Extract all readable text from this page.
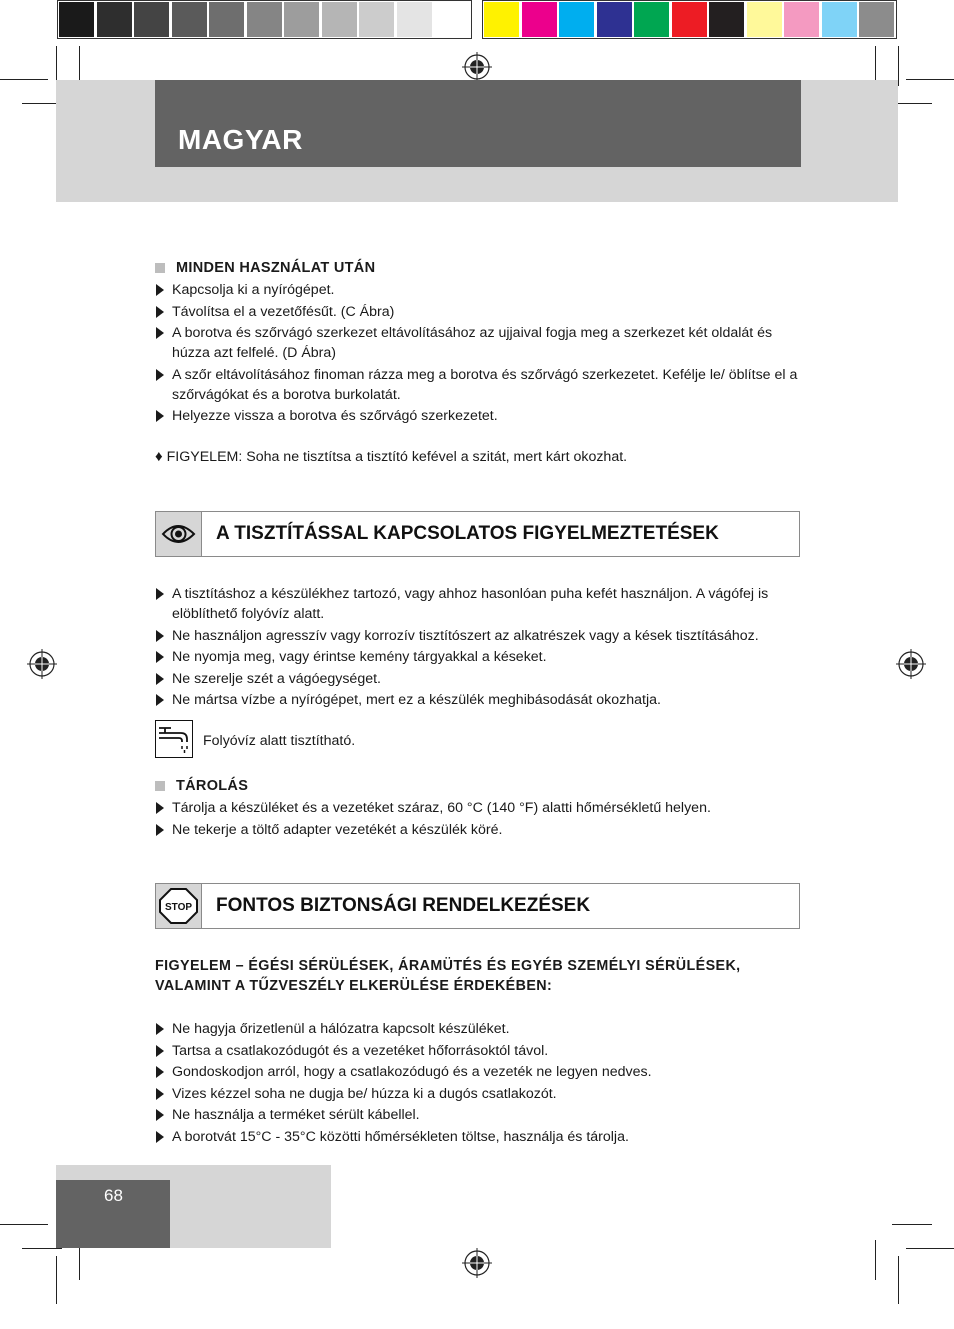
MAGYAR
MINDEN HASZNÁLAT UTÁN
Kapcsolja ki a nyírógépet.
Távolítsa el a vezetőfésűt. (C Ábra)
A borotva és szőrvágó szerkezet eltávolításához az ujjaival fogja meg a szerkezet két oldalát és húzza azt felfelé. (D Ábra)
A szőr eltávolításához finoman rázza meg a borotva és szőrvágó szerkezetet. Kefélje le/ öblítse el a szőrvágókat és a borotva burkolatát.
Helyezze vissza a borotva és szőrvágó szerkezetet.
♦ FIGYELEM: Soha ne tisztítsa a tisztító kefével a szitát, mert kárt okozhat.
A TISZTÍTÁSSAL KAPCSOLATOS FIGYELMEZTETÉSEK
A tisztításhoz a készülékhez tartozó, vagy ahhoz hasonlóan puha kefét használjon. A vágófej is elöblíthető folyóvíz alatt.
Ne használjon agresszív vagy korrozív tisztítószert az alkatrészek vagy a kések tisztításához.
Ne nyomja meg, vagy érintse kemény tárgyakkal a késeket.
Ne szerelje szét a vágóegységet.
Ne mártsa vízbe a nyírógépet, mert ez a készülék meghibásodását okozhatja.
Folyóvíz alatt tisztítható.
TÁROLÁS
Tárolja a készüléket és a vezetéket száraz, 60 °C (140 °F) alatti hőmérsékletű helyen.
Ne tekerje a töltő adapter vezetékét a készülék köré.
STOP FONTOS BIZTONSÁGI RENDELKEZÉSEK
FIGYELEM – ÉGÉSI SÉRÜLÉSEK, ÁRAMÜTÉS ÉS EGYÉB SZEMÉLYI SÉRÜLÉSEK, VALAMINT A TŰZVESZÉLY ELKERÜLÉSE ÉRDEKÉBEN:
Ne hagyja őrizetlenül a hálózatra kapcsolt készüléket.
Tartsa a csatlakozódugót és a vezetéket hőforrásoktól távol.
Gondoskodjon arról, hogy a csatlakozódugó és a vezeték ne legyen nedves.
Vizes kézzel soha ne dugja be/ húzza ki a dugós csatlakozót.
Ne használja a terméket sérült kábellel.
A borotvát 15°C - 35°C közötti hőmérsékleten töltse, használja és tárolja.
68
